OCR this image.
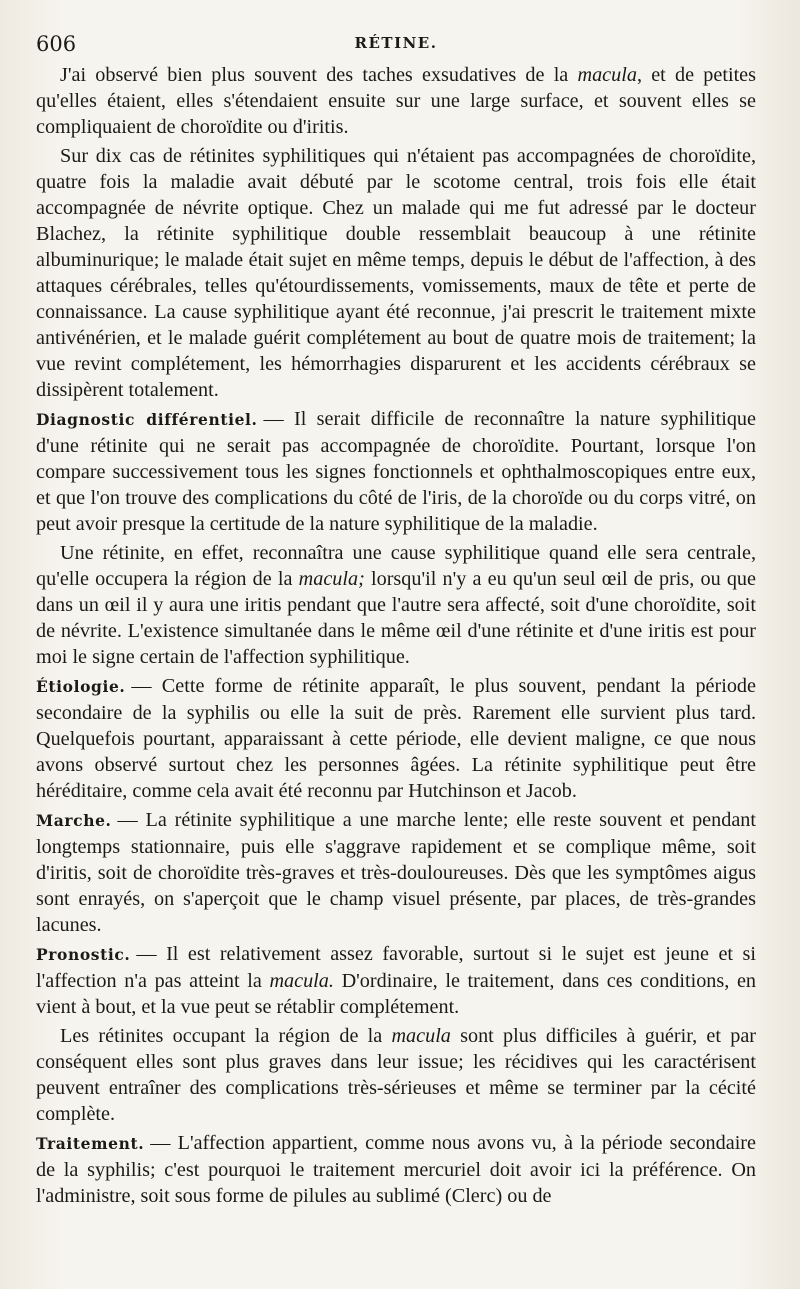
606	RÉTINE.

J'ai observé bien plus souvent des taches exsudatives de la macula, et de petites qu'elles étaient, elles s'étendaient ensuite sur une large surface, et souvent elles se compliquaient de choroïdite ou d'iritis.

Sur dix cas de rétinites syphilitiques qui n'étaient pas accompagnées de choroïdite, quatre fois la maladie avait débuté par le scotome central, trois fois elle était accompagnée de névrite optique. Chez un malade qui me fut adressé par le docteur Blachez, la rétinite syphilitique double ressemblait beaucoup à une rétinite albuminurique; le malade était sujet en même temps, depuis le début de l'affection, à des attaques cérébrales, telles qu'étourdissements, vomissements, maux de tête et perte de connaissance. La cause syphilitique ayant été reconnue, j'ai prescrit le traitement mixte antivénérien, et le malade guérit complétement au bout de quatre mois de traitement; la vue revint complétement, les hémorrhagies disparurent et les accidents cérébraux se dissipèrent totalement.

Diagnostic différentiel. — Il serait difficile de reconnaître la nature syphilitique d'une rétinite qui ne serait pas accompagnée de choroïdite. Pourtant, lorsque l'on compare successivement tous les signes fonctionnels et ophthalmoscopiques entre eux, et que l'on trouve des complications du côté de l'iris, de la choroïde ou du corps vitré, on peut avoir presque la certitude de la nature syphilitique de la maladie.

Une rétinite, en effet, reconnaîtra une cause syphilitique quand elle sera centrale, qu'elle occupera la région de la macula; lorsqu'il n'y a eu qu'un seul œil de pris, ou que dans un œil il y aura une iritis pendant que l'autre sera affecté, soit d'une choroïdite, soit de névrite. L'existence simultanée dans le même œil d'une rétinite et d'une iritis est pour moi le signe certain de l'affection syphilitique.

Étiologie. — Cette forme de rétinite apparaît, le plus souvent, pendant la période secondaire de la syphilis ou elle la suit de près. Rarement elle survient plus tard. Quelquefois pourtant, apparaissant à cette période, elle devient maligne, ce que nous avons observé surtout chez les personnes âgées. La rétinite syphilitique peut être héréditaire, comme cela avait été reconnu par Hutchinson et Jacob.

Marche. — La rétinite syphilitique a une marche lente; elle reste souvent et pendant longtemps stationnaire, puis elle s'aggrave rapidement et se complique même, soit d'iritis, soit de choroïdite très-graves et très-douloureuses. Dès que les symptômes aigus sont enrayés, on s'aperçoit que le champ visuel présente, par places, de très-grandes lacunes.

Pronostic. — Il est relativement assez favorable, surtout si le sujet est jeune et si l'affection n'a pas atteint la macula. D'ordinaire, le traitement, dans ces conditions, en vient à bout, et la vue peut se rétablir complétement.

Les rétinites occupant la région de la macula sont plus difficiles à guérir, et par conséquent elles sont plus graves dans leur issue; les récidives qui les caractérisent peuvent entraîner des complications très-sérieuses et même se terminer par la cécité complète.

Traitement. — L'affection appartient, comme nous avons vu, à la période secondaire de la syphilis; c'est pourquoi le traitement mercuriel doit avoir ici la préférence. On l'administre, soit sous forme de pilules au sublimé (Clerc) ou de
